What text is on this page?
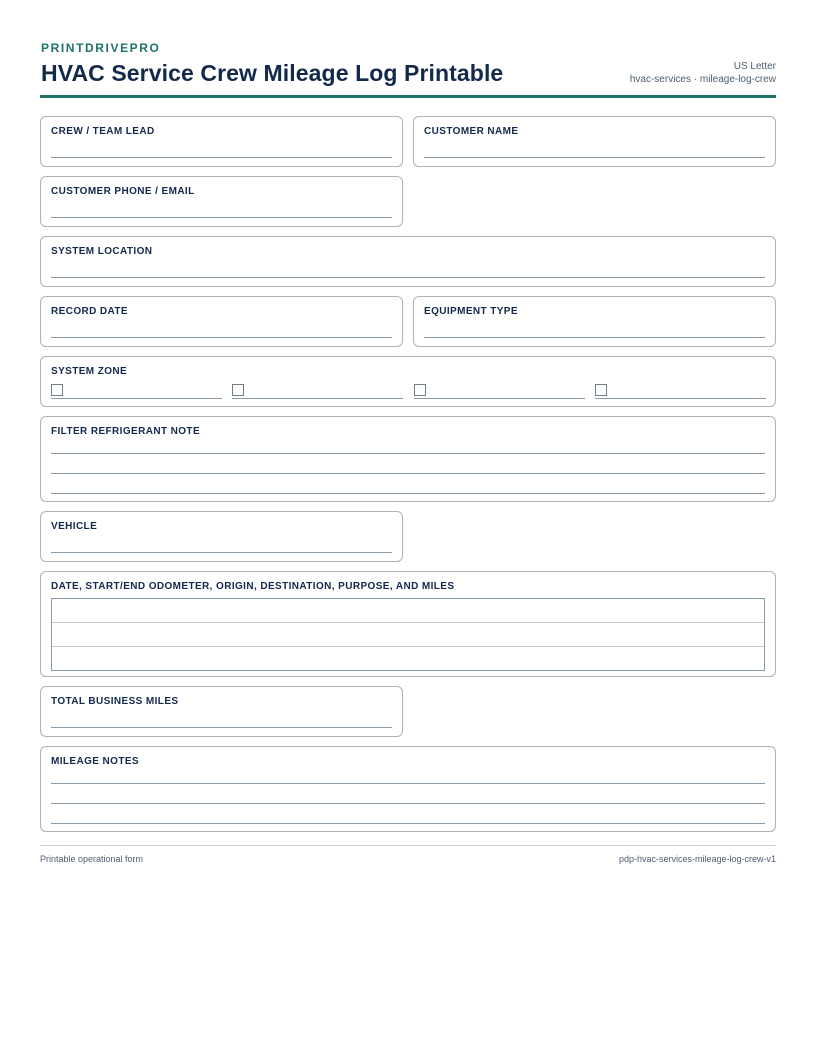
PRINTDRIVEPRO
HVAC Service Crew Mileage Log Printable	US Letter
hvac-services · mileage-log-crew
CREW / TEAM LEAD	CUSTOMER NAME
CUSTOMER PHONE / EMAIL
SYSTEM LOCATION
RECORD DATE	EQUIPMENT TYPE
SYSTEM ZONE
FILTER REFRIGERANT NOTE
VEHICLE
DATE, START/END ODOMETER, ORIGIN, DESTINATION, PURPOSE, AND MILES
TOTAL BUSINESS MILES
MILEAGE NOTES
Printable operational form	pdp-hvac-services-mileage-log-crew-v1
